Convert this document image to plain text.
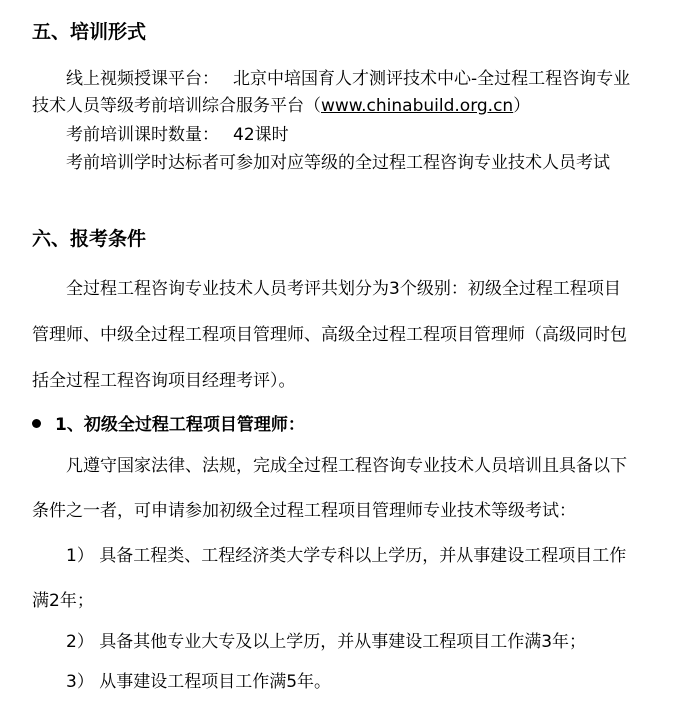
五、培训形式
线上视频授课平台： 北京中培国育人才测评技术中心-全过程工程咨询专业
技术人员等级考前培训综合服务平台（www.chinabuild.org.cn）
考前培训课时数量： 42课时
考前培训学时达标者可参加对应等级的全过程工程咨询专业技术人员考试
六、报考条件
全过程工程咨询专业技术人员考评共划分为3个级别：初级全过程工程项目
管理师、中级全过程工程项目管理师、高级全过程工程项目管理师（高级同时包
括全过程工程咨询项目经理考评）。
1、初级全过程工程项目管理师：
凡遵守国家法律、法规，完成全过程工程咨询专业技术人员培训且具备以下
条件之一者，可申请参加初级全过程工程项目管理师专业技术等级考试：
1） 具备工程类、工程经济类大学专科以上学历，并从事建设工程项目工作
满2年；
2） 具备其他专业大专及以上学历，并从事建设工程项目工作满3年；
3） 从事建设工程项目工作满5年。
